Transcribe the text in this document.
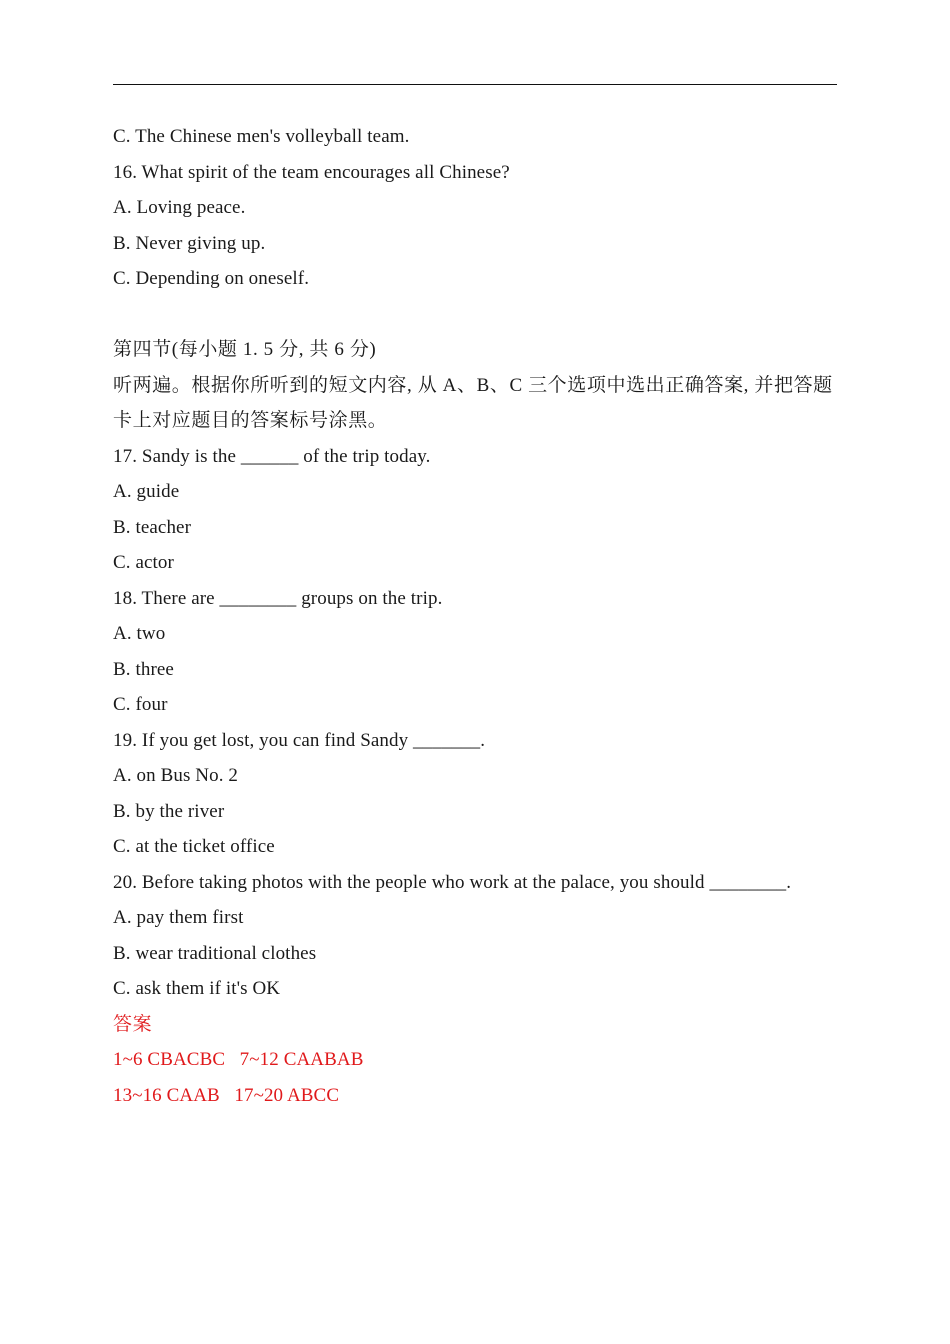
C. The Chinese men's volleyball team.
16. What spirit of the team encourages all Chinese?
A. Loving peace.
B. Never giving up.
C. Depending on oneself.
第四节(每小题 1. 5 分, 共 6 分)
听两遍。根据你所听到的短文内容, 从 A、B、C 三个选项中选出正确答案, 并把答题卡上对应题目的答案标号涂黑。
17. Sandy is the ______ of the trip today.
A. guide
B. teacher
C. actor
18. There are ________ groups on the trip.
A. two
B. three
C. four
19. If you get lost, you can find Sandy _______.
A. on Bus No. 2
B. by the river
C. at the ticket office
20. Before taking photos with the people who work at the palace, you should ________.
A. pay them first
B. wear traditional clothes
C. ask them if it's OK
答案
1~6 CBACBC   7~12 CAABAB
13~16 CAAB   17~20 ABCC
